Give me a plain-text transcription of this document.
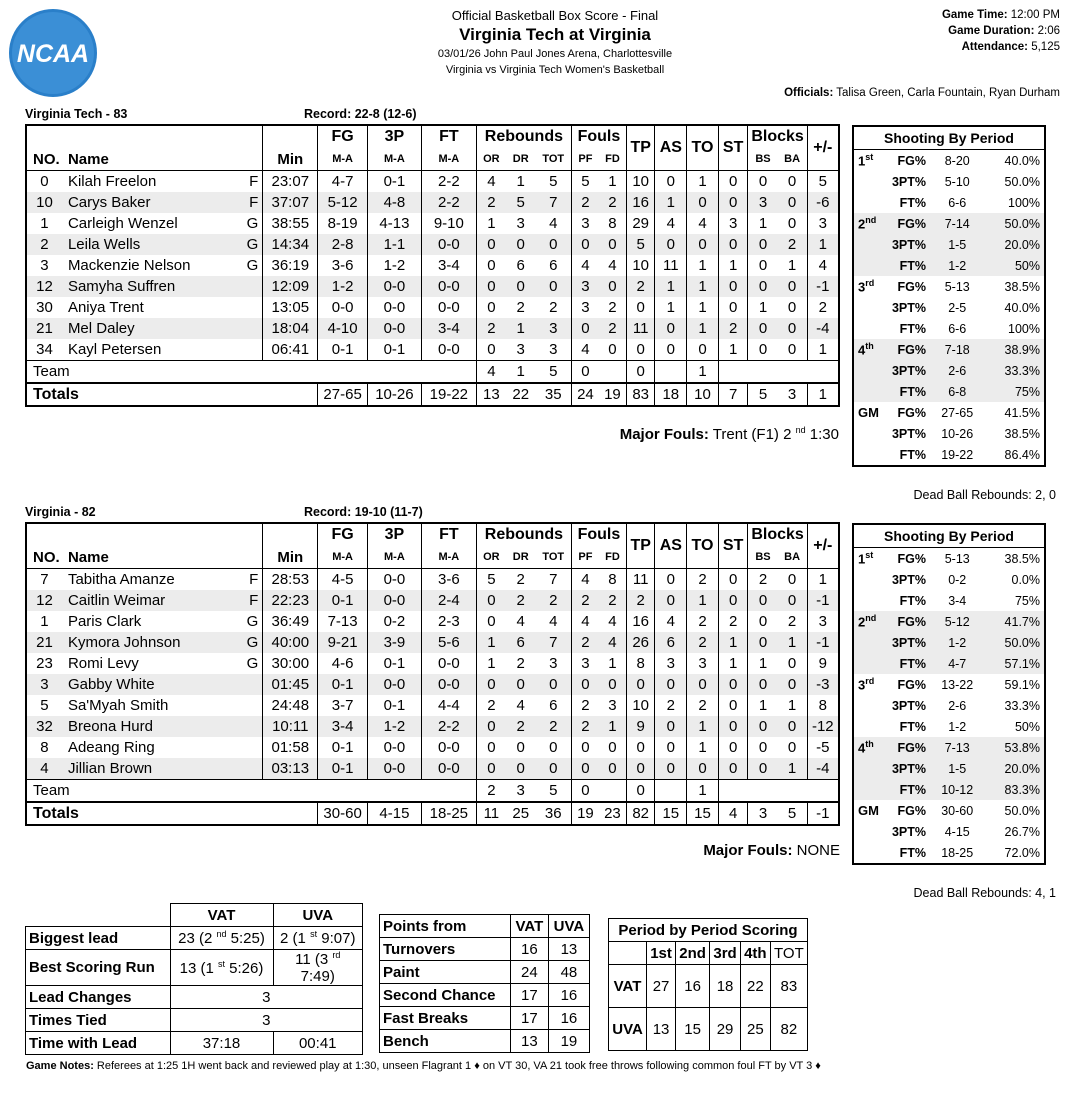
NCAA
Official Basketball Box Score - Final
Virginia Tech at Virginia
03/01/26 John Paul Jones Arena, Charlottesville
Virginia vs Virginia Tech Women's Basketball
Game Time: 12:00 PM
Game Duration: 2:06
Attendance: 5,125
Officials: Talisa Green, Carla Fountain, Ryan Durham
Virginia Tech - 83	Record: 22-8 (12-6)
			FG	3P	FT	Rebounds			Fouls		TP	AS	TO	ST	Blocks		+/-
NO.	Name	Min	M-A	M-A	M-A	OR	DR	TOT	PF	FD					BS	BA	
0	Kilah Freelon F	23:07	4-7	0-1	2-2	4	1	5	5	1	10	0	1	0	0	0	5
10	Carys Baker F	37:07	5-12	4-8	2-2	2	5	7	2	2	16	1	0	0	3	0	-6
1	Carleigh Wenzel G	38:55	8-19	4-13	9-10	1	3	4	3	8	29	4	4	3	1	0	3
2	Leila Wells G	14:34	2-8	1-1	0-0	0	0	0	0	0	5	0	0	0	0	2	1
3	Mackenzie Nelson G	36:19	3-6	1-2	3-4	0	6	6	4	4	10	11	1	1	0	1	4
12	Samyha Suffren	12:09	1-2	0-0	0-0	0	0	0	3	0	2	1	1	0	0	0	-1
30	Aniya Trent	13:05	0-0	0-0	0-0	0	2	2	3	2	0	1	1	0	1	0	2
21	Mel Daley	18:04	4-10	0-0	3-4	2	1	3	0	2	11	0	1	2	0	0	-4
34	Kayl Petersen	06:41	0-1	0-1	0-0	0	3	3	4	0	0	0	0	1	0	0	1
Team						4	1	5	0		0		1				
Totals			27-65	10-26	19-22	13	22	35	24	19	83	18	10	7	5	3	1
Major Fouls: Trent (F1) 2 $^{nd}$ 1:30
Shooting By Period			
1st	FG%	8-20	40.0%
	3PT%	5-10	50.0%
	FT%	6-6	100%
2nd	FG%	7-14	50.0%
	3PT%	1-5	20.0%
	FT%	1-2	50%
3rd	FG%	5-13	38.5%
	3PT%	2-5	40.0%
	FT%	6-6	100%
4th	FG%	7-18	38.9%
	3PT%	2-6	33.3%
	FT%	6-8	75%
GM	FG%	27-65	41.5%
	3PT%	10-26	38.5%
	FT%	19-22	86.4%
Dead Ball Rebounds: 2, 0
Virginia - 82	Record: 19-10 (11-7)
			FG	3P	FT	Rebounds			Fouls		TP	AS	TO	ST	Blocks		+/-
NO.	Name	Min	M-A	M-A	M-A	OR	DR	TOT	PF	FD					BS	BA	
7	Tabitha Amanze F	28:53	4-5	0-0	3-6	5	2	7	4	8	11	0	2	0	2	0	1
12	Caitlin Weimar F	22:23	0-1	0-0	2-4	0	2	2	2	2	2	0	1	0	0	0	-1
1	Paris Clark G	36:49	7-13	0-2	2-3	0	4	4	4	4	16	4	2	2	0	2	3
21	Kymora Johnson G	40:00	9-21	3-9	5-6	1	6	7	2	4	26	6	2	1	0	1	-1
23	Romi Levy G	30:00	4-6	0-1	0-0	1	2	3	3	1	8	3	3	1	1	0	9
3	Gabby White	01:45	0-1	0-0	0-0	0	0	0	0	0	0	0	0	0	0	0	-3
5	Sa'Myah Smith	24:48	3-7	0-1	4-4	2	4	6	2	3	10	2	2	0	1	1	8
32	Breona Hurd	10:11	3-4	1-2	2-2	0	2	2	2	1	9	0	1	0	0	0	-12
8	Adeang Ring	01:58	0-1	0-0	0-0	0	0	0	0	0	0	0	1	0	0	0	-5
4	Jillian Brown	03:13	0-1	0-0	0-0	0	0	0	0	0	0	0	0	0	0	1	-4
Team						2	3	5	0		0		1				
Totals			30-60	4-15	18-25	11	25	36	19	23	82	15	15	4	3	5	-1
Major Fouls: NONE
Shooting By Period			
1st	FG%	5-13	38.5%
	3PT%	0-2	0.0%
	FT%	3-4	75%
2nd	FG%	5-12	41.7%
	3PT%	1-2	50.0%
	FT%	4-7	57.1%
3rd	FG%	13-22	59.1%
	3PT%	2-6	33.3%
	FT%	1-2	50%
4th	FG%	7-13	53.8%
	3PT%	1-5	20.0%
	FT%	10-12	83.3%
GM	FG%	30-60	50.0%
	3PT%	4-15	26.7%
	FT%	18-25	72.0%
Dead Ball Rebounds: 4, 1
	VAT	UVA
Biggest lead	23 (2 $^{nd}$ 5:25)	2 (1 $^{st}$ 9:07)
Best Scoring Run	13 (1 $^{st}$ 5:26)	11 (3 $^{rd}$ 7:49)
Lead Changes	3	
Times Tied	3	
Time with Lead	37:18	00:41
Points from	VAT	UVA
Turnovers	16	13
Paint	24	48
Second Chance	17	16
Fast Breaks	17	16
Bench	13	19
Period by Period Scoring					
	1st	2nd	3rd	4th	TOT
VAT	27	16	18	22	83
UVA	13	15	29	25	82
Game Notes: Referees at 1:25 1H went back and reviewed play at 1:30, unseen Flagrant 1 ♦ on VT 30, VA 21 took free throws following common foul FT by VT 3 ♦
